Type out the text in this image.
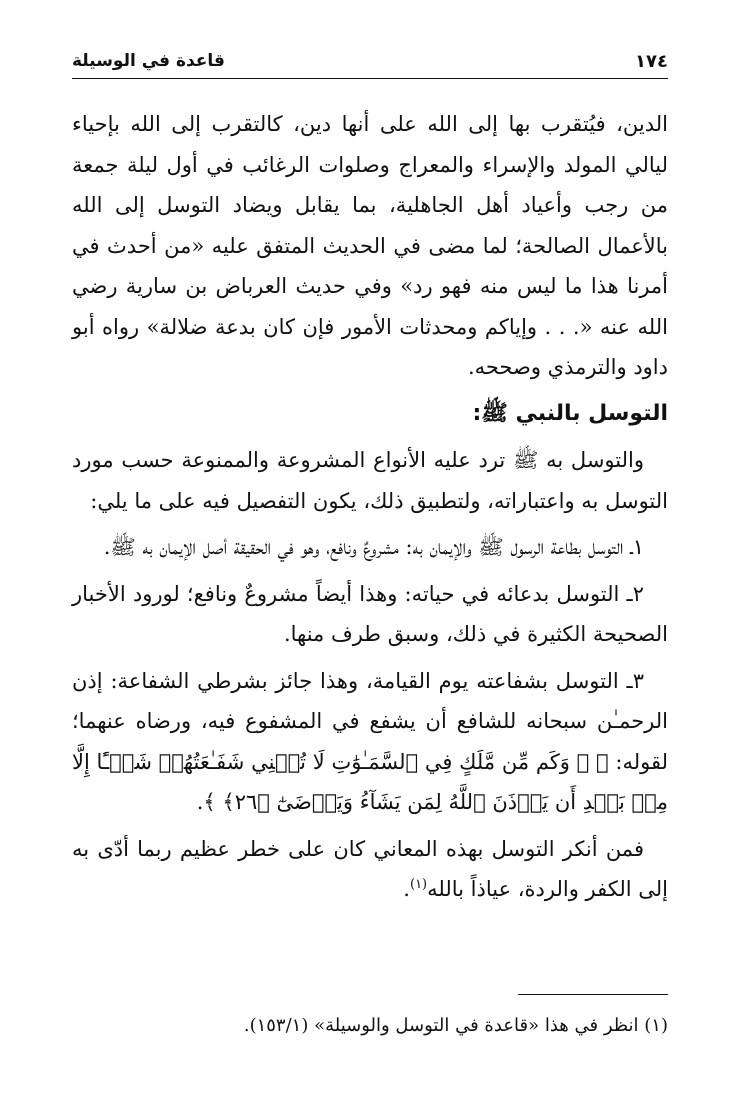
١٧٤
قاعدة في الوسيلة

الدين، فيُتقرب بها إلى الله على أنها دين، كالتقرب إلى الله بإحياء ليالي المولد والإسراء والمعراج وصلوات الرغائب في أول ليلة جمعة من رجب وأعياد أهل الجاهلية، بما يقابل ويضاد التوسل إلى الله بالأعمال الصالحة؛ لما مضى في الحديث المتفق عليه «من أحدث في أمرنا هذا ما ليس منه فهو رد» وفي حديث العرباض بن سارية رضي الله عنه «. . . وإياكم ومحدثات الأمور فإن كان بدعة ضلالة» رواه أبو داود والترمذي وصححه.

التوسل بالنبي ﷺ:

والتوسل به ﷺ ترد عليه الأنواع المشروعة والممنوعة حسب مورد التوسل به واعتباراته، ولتطبيق ذلك، يكون التفصيل فيه على ما يلي:

١ـ التوسل بطاعة الرسول ﷺ والإيمان به: مشروعٌ ونافع، وهو في الحقيقة أصل الإيمان به ﷺ.

٢ـ التوسل بدعائه في حياته: وهذا أيضاً مشروعٌ ونافع؛ لورود الأخبار الصحيحة الكثيرة في ذلك، وسبق طرف منها.

٣ـ التوسل بشفاعته يوم القيامة، وهذا جائز بشرطي الشفاعة: إذن الرحمـٰن سبحانه للشافع أن يشفع في المشفوع فيه، ورضاه عنهما؛ لقوله: ﴿ ۞ وَكَم مِّن مَّلَكٍ فِي ٱلسَّمَـٰوَٰتِ لَا تُغۡنِي شَفَـٰعَتُهُمۡ شَيۡـًٔا إِلَّا مِنۢ بَعۡدِ أَن يَأۡذَنَ ٱللَّهُ لِمَن يَشَآءُ وَيَرۡضَىٰٓ ﴿٢٦﴾ ﴾.

فمن أنكر التوسل بهذه المعاني كان على خطر عظيم ربما أدّى به إلى الكفر والردة، عياذاً بالله$^{(١)}$.

(١) انظر في هذا «قاعدة في التوسل والوسيلة» (١٥٣/١).
